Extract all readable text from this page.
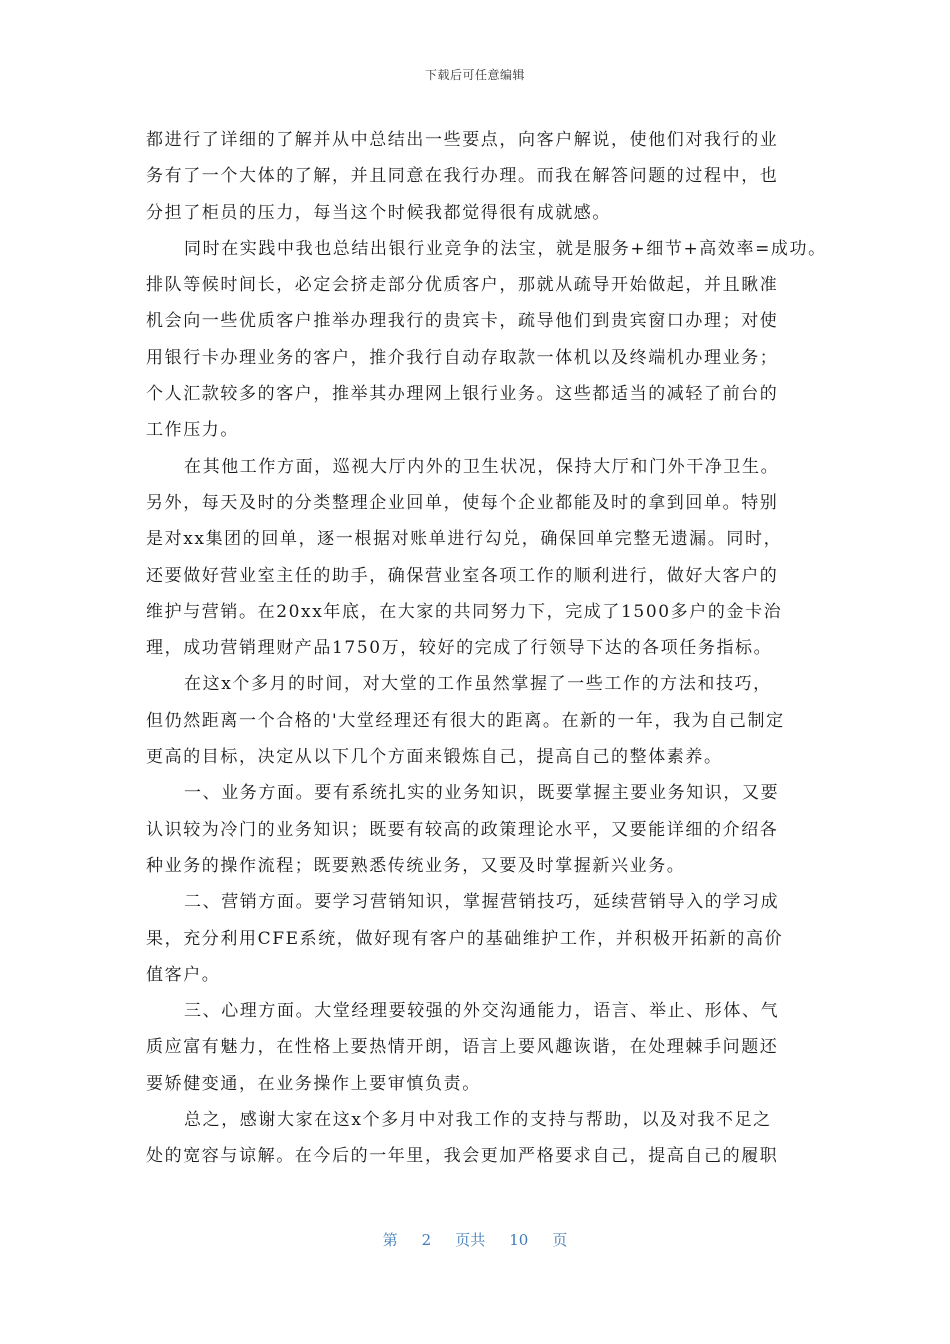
下载后可任意编辑
都进行了详细的了解并从中总结出一些要点，向客户解说，使他们对我行的业
务有了一个大体的了解，并且同意在我行办理。而我在解答问题的过程中，也
分担了柜员的压力，每当这个时候我都觉得很有成就感。
同时在实践中我也总结出银行业竞争的法宝，就是服务+细节+高效率=成功。
排队等候时间长，必定会挤走部分优质客户，那就从疏导开始做起，并且瞅准
机会向一些优质客户推举办理我行的贵宾卡，疏导他们到贵宾窗口办理；对使
用银行卡办理业务的客户，推介我行自动存取款一体机以及终端机办理业务；
个人汇款较多的客户，推举其办理网上银行业务。这些都适当的减轻了前台的
工作压力。
在其他工作方面，巡视大厅内外的卫生状况，保持大厅和门外干净卫生。
另外，每天及时的分类整理企业回单，使每个企业都能及时的拿到回单。特别
是对xx集团的回单，逐一根据对账单进行勾兑，确保回单完整无遗漏。同时，
还要做好营业室主任的助手，确保营业室各项工作的顺利进行，做好大客户的
维护与营销。在20xx年底，在大家的共同努力下，完成了1500多户的金卡治
理，成功营销理财产品1750万，较好的完成了行领导下达的各项任务指标。
在这x个多月的时间，对大堂的工作虽然掌握了一些工作的方法和技巧，
但仍然距离一个合格的'大堂经理还有很大的距离。在新的一年，我为自己制定
更高的目标，决定从以下几个方面来锻炼自己，提高自己的整体素养。
一、业务方面。要有系统扎实的业务知识，既要掌握主要业务知识，又要
认识较为冷门的业务知识；既要有较高的政策理论水平，又要能详细的介绍各
种业务的操作流程；既要熟悉传统业务，又要及时掌握新兴业务。
二、营销方面。要学习营销知识，掌握营销技巧，延续营销导入的学习成
果，充分利用CFE系统，做好现有客户的基础维护工作，并积极开拓新的高价
值客户。
三、心理方面。大堂经理要较强的外交沟通能力，语言、举止、形体、气
质应富有魅力，在性格上要热情开朗，语言上要风趣诙谐，在处理棘手问题还
要矫健变通，在业务操作上要审慎负责。
总之，感谢大家在这x个多月中对我工作的支持与帮助，以及对我不足之
处的宽容与谅解。在今后的一年里，我会更加严格要求自己，提高自己的履职
第 2 页共 10 页
